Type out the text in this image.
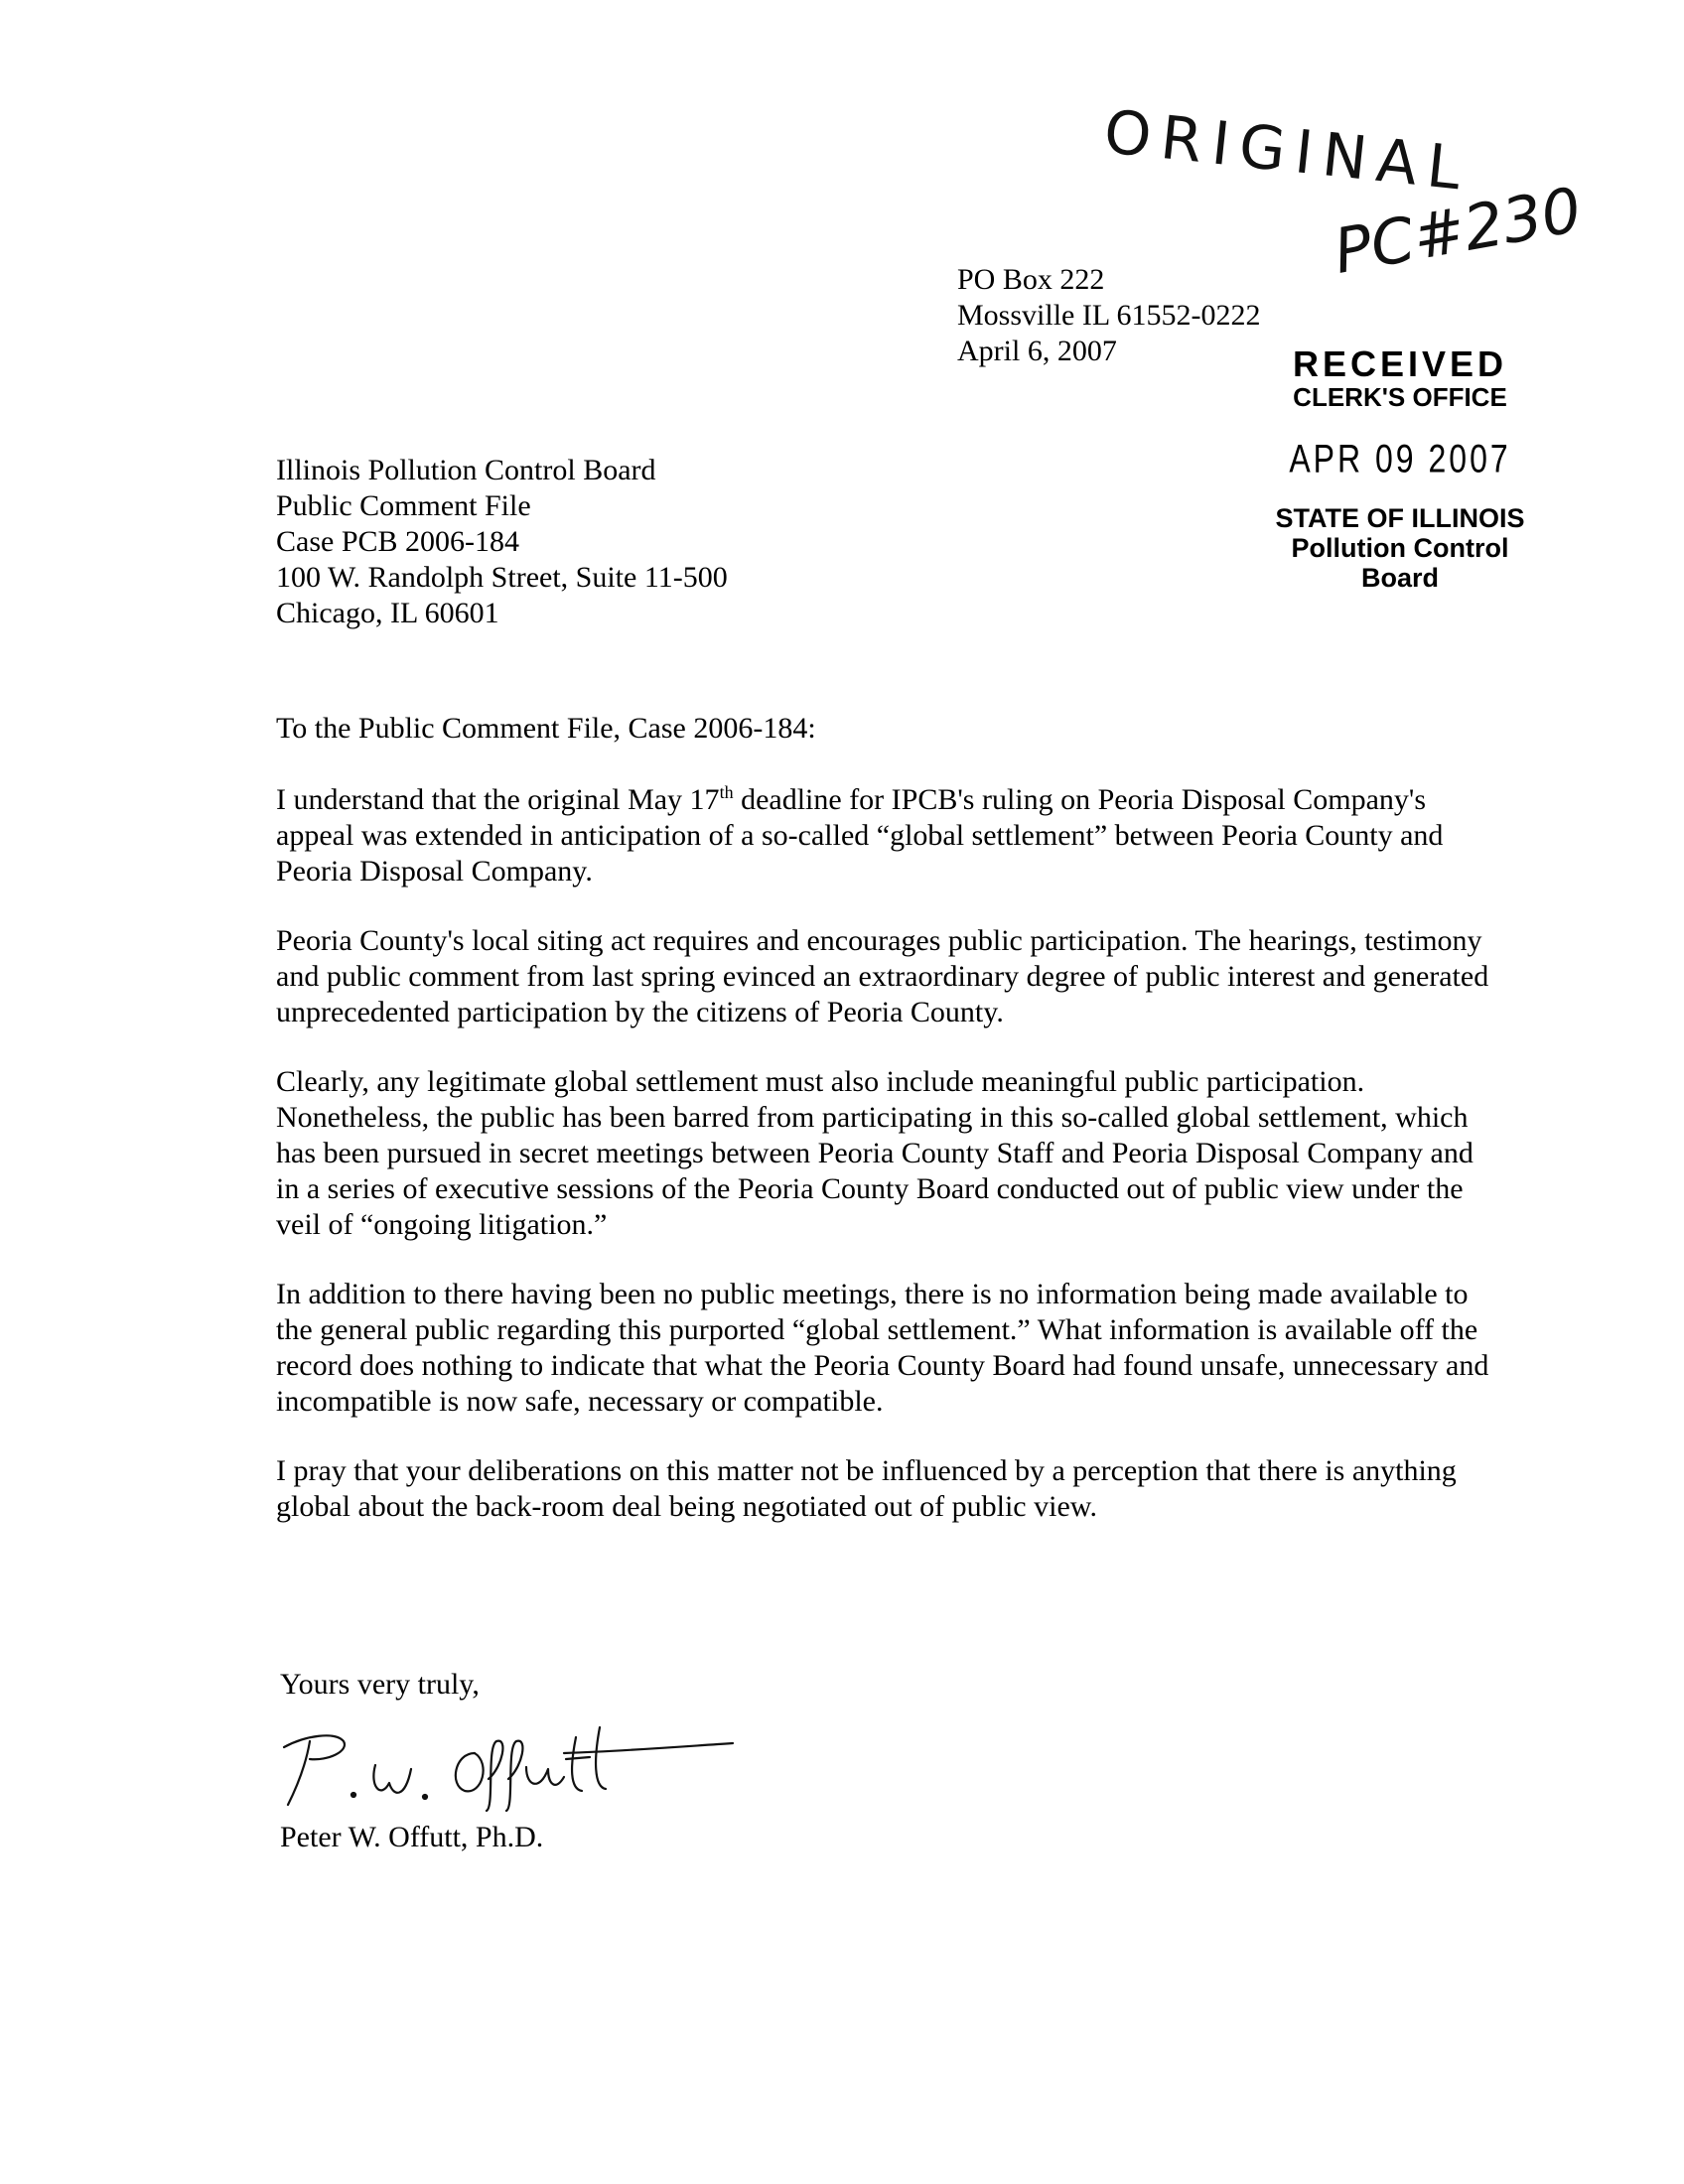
ORIGINAL
PC#230
PO Box 222
Mossville IL 61552-0222
April 6, 2007	RECEIVED
CLERK'S OFFICE
APR 09 2007
STATE OF ILLINOIS
Pollution Control Board
Illinois Pollution Control Board
Public Comment File
Case PCB 2006-184
100 W. Randolph Street, Suite 11-500
Chicago, IL 60601

To the Public Comment File, Case 2006-184:

I understand that the original May 17th deadline for IPCB's ruling on Peoria Disposal Company's appeal was extended in anticipation of a so-called “global settlement” between Peoria County and Peoria Disposal Company.

Peoria County's local siting act requires and encourages public participation. The hearings, testimony and public comment from last spring evinced an extraordinary degree of public interest and generated unprecedented participation by the citizens of Peoria County.

Clearly, any legitimate global settlement must also include meaningful public participation. Nonetheless, the public has been barred from participating in this so-called global settlement, which has been pursued in secret meetings between Peoria County Staff and Peoria Disposal Company and in a series of executive sessions of the Peoria County Board conducted out of public view under the veil of “ongoing litigation.”

In addition to there having been no public meetings, there is no information being made available to the general public regarding this purported “global settlement.” What information is available off the record does nothing to indicate that what the Peoria County Board had found unsafe, unnecessary and incompatible is now safe, necessary or compatible.

I pray that your deliberations on this matter not be influenced by a perception that there is anything global about the back-room deal being negotiated out of public view.

Yours very truly,
Peter W. Offutt, Ph.D.
